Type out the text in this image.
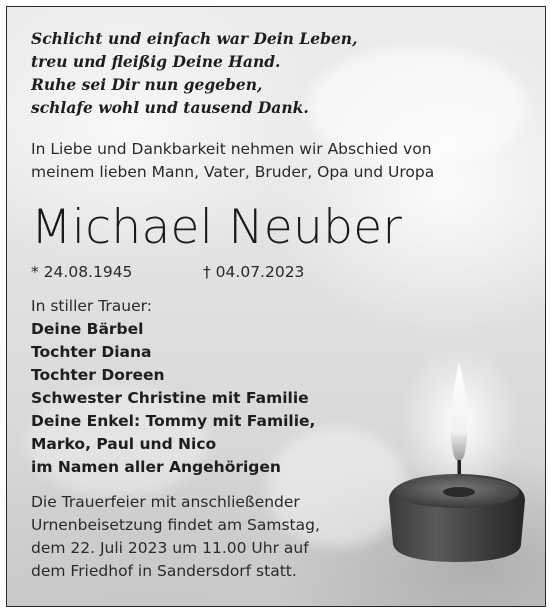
Schlicht und einfach war Dein Leben,
treu und fleißig Deine Hand.
Ruhe sei Dir nun gegeben,
schlafe wohl und tausend Dank.
In Liebe und Dankbarkeit nehmen wir Abschied von
meinem lieben Mann, Vater, Bruder, Opa und Uropa
Michael Neuber
* 24.08.1945	† 04.07.2023
In stiller Trauer:
Deine Bärbel
Tochter Diana
Tochter Doreen
Schwester Christine mit Familie
Deine Enkel: Tommy mit Familie,
Marko, Paul und Nico
im Namen aller Angehörigen
Die Trauerfeier mit anschließender
Urnenbeisetzung findet am Samstag,
dem 22. Juli 2023 um 11.00 Uhr auf
dem Friedhof in Sandersdorf statt.
